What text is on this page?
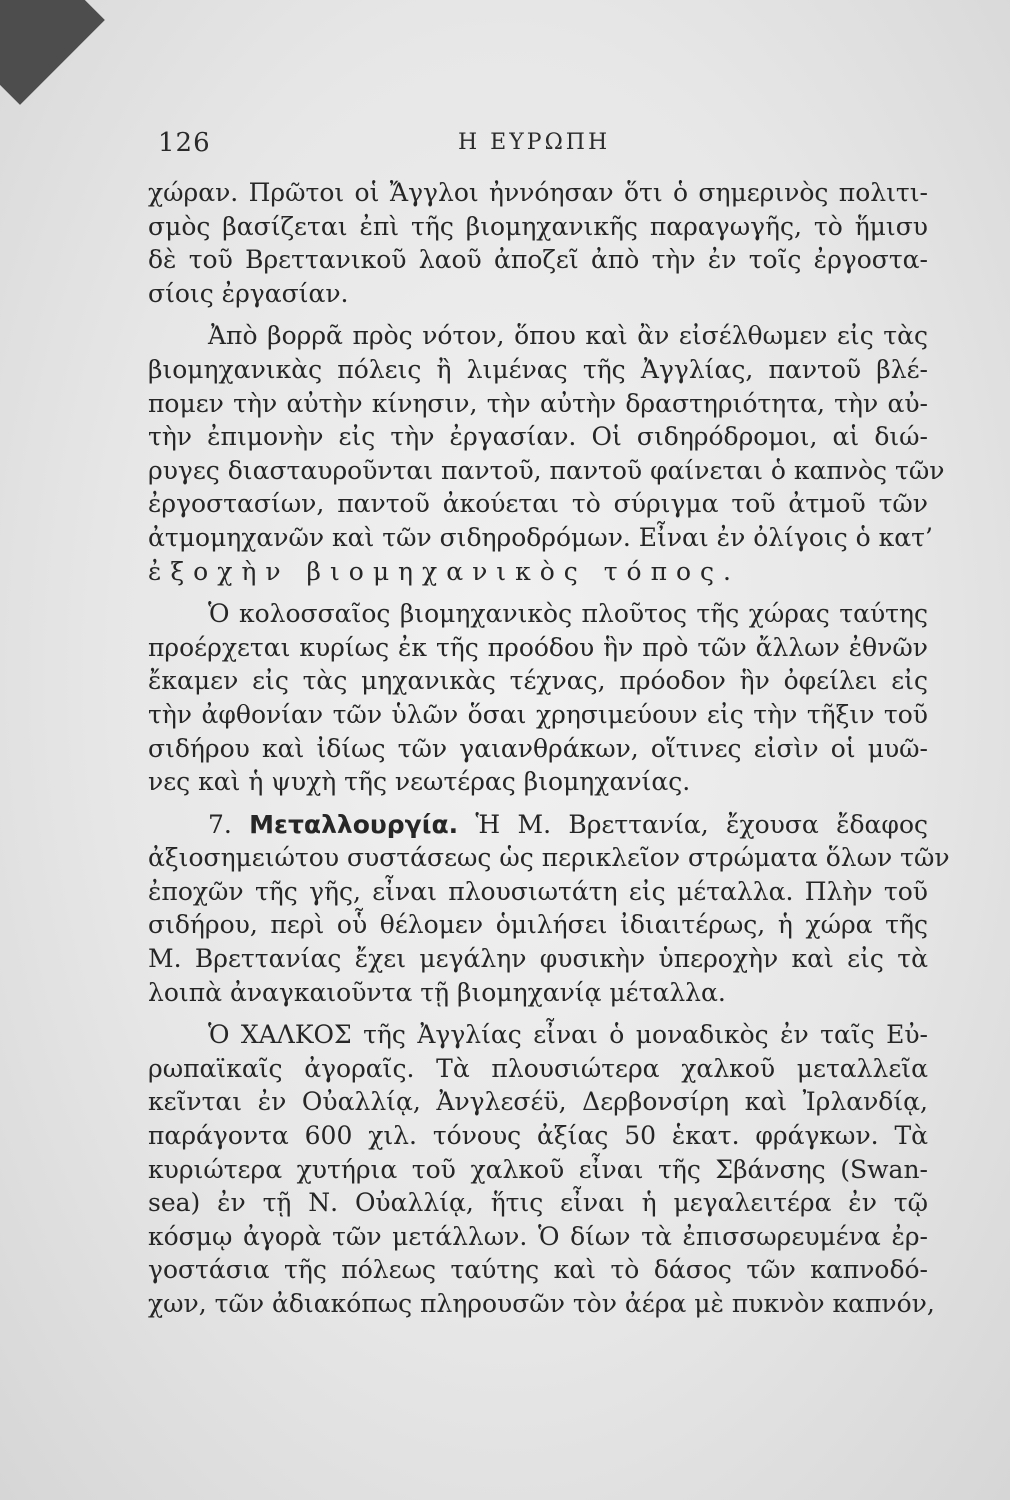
126	Η ΕΥΡΩΠΗ
χώραν. Πρῶτοι οἱ Ἄγγλοι ἠννόησαν ὅτι ὁ σημερινὸς πολιτι-
σμὸς βασίζεται ἐπὶ τῆς βιομηχανικῆς παραγωγῆς, τὸ ἥμισυ
δὲ τοῦ Βρεττανικοῦ λαοῦ ἀποζεῖ ἀπὸ τὴν ἐν τοῖς ἐργοστα-
σίοις ἐργασίαν.
Ἀπὸ βορρᾶ πρὸς νότον, ὅπου καὶ ἂν εἰσέλθωμεν εἰς τὰς
βιομηχανικὰς πόλεις ἢ λιμένας τῆς Ἀγγλίας, παντοῦ βλέ-
πομεν τὴν αὐτὴν κίνησιν, τὴν αὐτὴν δραστηριότητα, τὴν αὐ-
τὴν ἐπιμονὴν εἰς τὴν ἐργασίαν. Οἱ σιδηρόδρομοι, αἱ διώ-
ρυγες διασταυροῦνται παντοῦ, παντοῦ φαίνεται ὁ καπνὸς τῶν
ἐργοστασίων, παντοῦ ἀκούεται τὸ σύριγμα τοῦ ἀτμοῦ τῶν
ἀτμομηχανῶν καὶ τῶν σιδηροδρόμων. Εἶναι ἐν ὀλίγοις ὁ κατ’
ἐξοχὴν βιομηχανικὸς τόπος.
Ὁ κολοσσαῖος βιομηχανικὸς πλοῦτος τῆς χώρας ταύτης
προέρχεται κυρίως ἐκ τῆς προόδου ἣν πρὸ τῶν ἄλλων ἐθνῶν
ἔκαμεν εἰς τὰς μηχανικὰς τέχνας, πρόοδον ἣν ὀφείλει εἰς
τὴν ἀφθονίαν τῶν ὑλῶν ὅσαι χρησιμεύουν εἰς τὴν τῆξιν τοῦ
σιδήρου καὶ ἰδίως τῶν γαιανθράκων, οἵτινες εἰσὶν οἱ μυῶ-
νες καὶ ἡ ψυχὴ τῆς νεωτέρας βιομηχανίας.
7. Μεταλλουργία. Ἡ Μ. Βρεττανία, ἔχουσα ἔδαφος
ἀξιοσημειώτου συστάσεως ὡς περικλεῖον στρώματα ὅλων τῶν
ἐποχῶν τῆς γῆς, εἶναι πλουσιωτάτη εἰς μέταλλα. Πλὴν τοῦ
σιδήρου, περὶ οὗ θέλομεν ὁμιλήσει ἰδιαιτέρως, ἡ χώρα τῆς
Μ. Βρεττανίας ἔχει μεγάλην φυσικὴν ὑπεροχὴν καὶ εἰς τὰ
λοιπὰ ἀναγκαιοῦντα τῇ βιομηχανίᾳ μέταλλα.
Ὁ ΧΑΛΚΟΣ τῆς Ἀγγλίας εἶναι ὁ μοναδικὸς ἐν ταῖς Εὐ-
ρωπαϊκαῖς ἀγοραῖς. Τὰ πλουσιώτερα χαλκοῦ μεταλλεῖα
κεῖνται ἐν Οὐαλλίᾳ, Ἀνγλεσέϋ, Δερβονσίρη καὶ Ἰρλανδίᾳ,
παράγοντα 600 χιλ. τόνους ἀξίας 50 ἑκατ. φράγκων. Τὰ
κυριώτερα χυτήρια τοῦ χαλκοῦ εἶναι τῆς Σβάνσης (Swan-
sea) ἐν τῇ Ν. Οὐαλλίᾳ, ἥτις εἶναι ἡ μεγαλειτέρα ἐν τῷ
κόσμῳ ἀγορὰ τῶν μετάλλων. Ὁ δίων τὰ ἐπισσωρευμένα ἐρ-
γοστάσια τῆς πόλεως ταύτης καὶ τὸ δάσος τῶν καπνοδό-
χων, τῶν ἀδιακόπως πληρουσῶν τὸν ἀέρα μὲ πυκνὸν καπνόν,
